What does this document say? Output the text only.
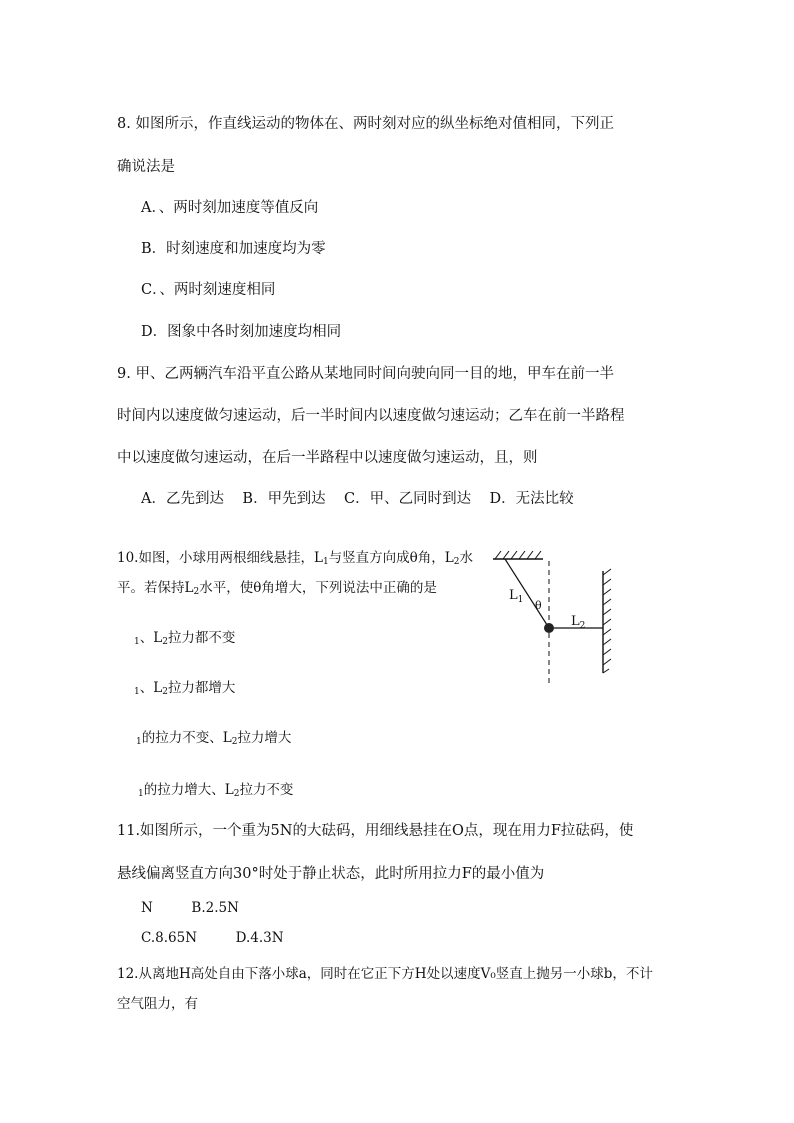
8. 如图所示，作直线运动的物体在、两时刻对应的纵坐标绝对值相同，下列正
确说法是
A．、两时刻加速度等值反向
B．时刻速度和加速度均为零
C．、两时刻速度相同
D．图象中各时刻加速度均相同
9. 甲、乙两辆汽车沿平直公路从某地同时间向驶向同一目的地，甲车在前一半
时间内以速度做匀速运动，后一半时间内以速度做匀速运动；乙车在前一半路程
中以速度做匀速运动，在后一半路程中以速度做匀速运动，且，则
A．乙先到达    B．甲先到达    C．甲、乙同时到达    D．无法比较
10.如图，小球用两根细线悬挂，$L_1$与竖直方向成θ角，$L_2$水
平。若保持$L_2$水平，使θ角增大，下列说法中正确的是
$_1$、$L_2$拉力都不变
$_1$、$L_2$拉力都增大
$_1$的拉力不变、$L_2$拉力增大
$_1$的拉力增大、$L_2$拉力不变
$L_1$ θ
$L_2$
11.如图所示，一个重为5N的大砝码，用细线悬挂在O点，现在用力F拉砝码，使
悬线偏离竖直方向30°时处于静止状态，此时所用拉力F的最小值为
N         B.2.5N
C.8.65N         D.4.3N
12.从离地H高处自由下落小球a，同时在它正下方H处以速度V₀竖直上抛另一小球b，不计
空气阻力，有
